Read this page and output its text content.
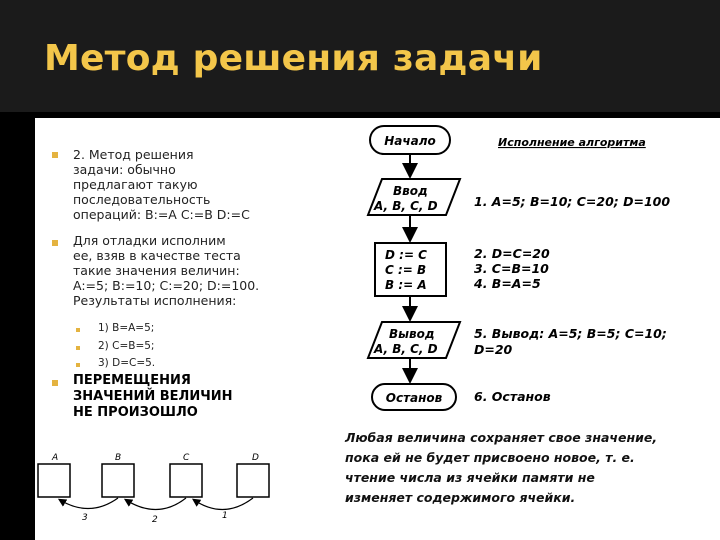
Метод решения задачи
2. Метод решения
задачи: обычно
предлагают такую
последовательность
операций: B:=A C:=B D:=C
Для отладки исполним
ее, взяв в качестве теста
такие значения величин:
A:=5; B:=10; C:=20; D:=100.
Результаты исполнения:
1) B=A=5;
2) C=B=5;
3) D=C=5.
ПЕРЕМЕЩЕНИЯ
ЗНАЧЕНИЙ ВЕЛИЧИН
НЕ ПРОИЗОШЛО
Начало
Ввод
A, B, C, D
D := C
C := B
B := A
Вывод
A, B, C, D
Останов
Исполнение алгоритма
1. A=5; B=10; C=20; D=100
2. D=C=20
3. C=B=10
4. B=A=5
5. Вывод: A=5; B=5; C=10;
D=20
6. Останов
A	B	C	D
3	2	1
Любая величина сохраняет свое значение,
пока ей не будет присвоено новое, т. е.
чтение числа из ячейки памяти не
изменяет содержимого ячейки.
